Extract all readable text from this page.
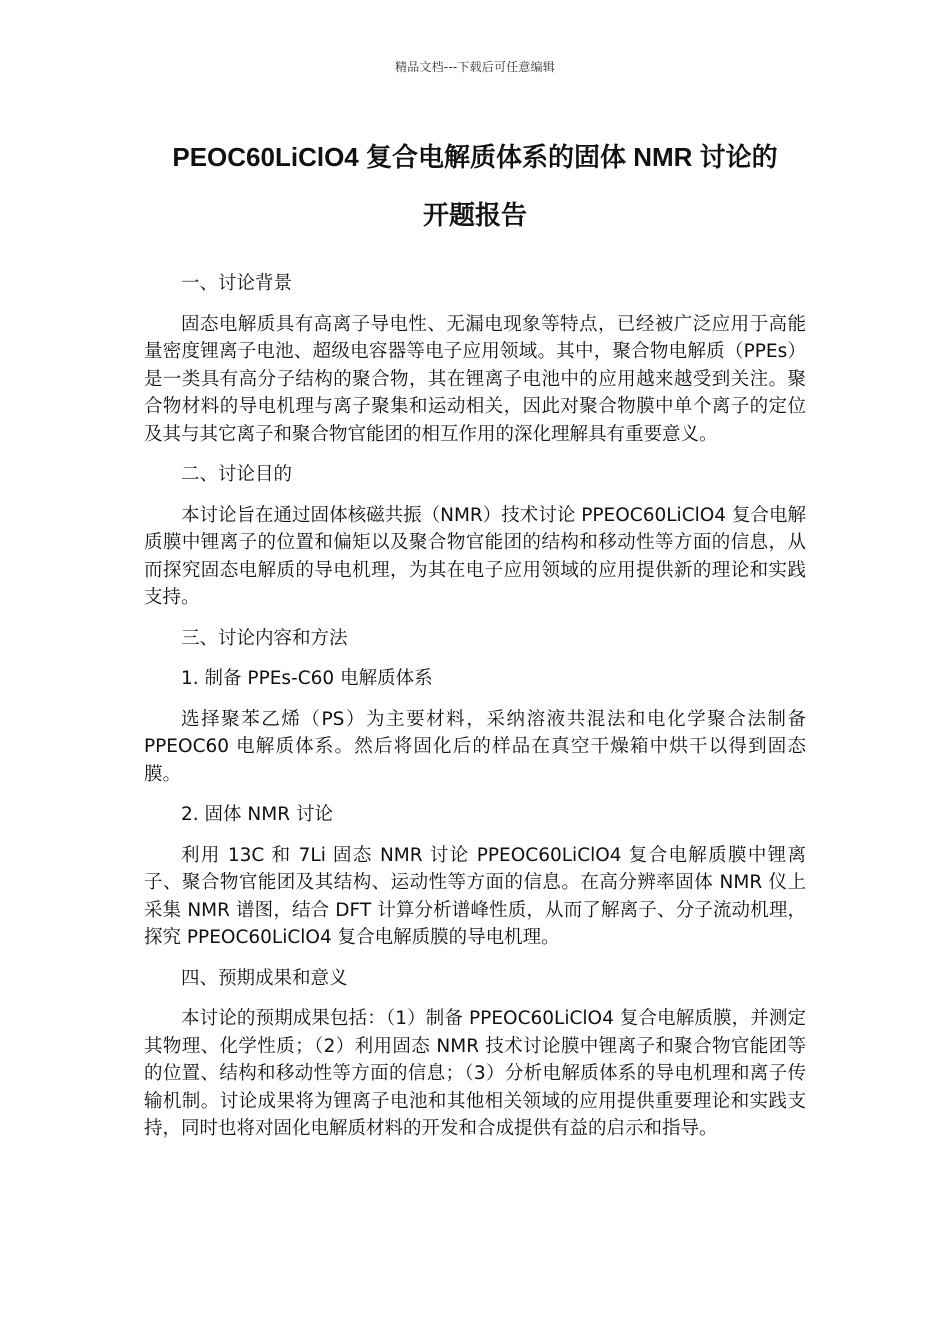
精品文档---下载后可任意编辑
PEOC60LiClO4 复合电解质体系的固体 NMR 讨论的
开题报告

一、讨论背景

固态电解质具有高离子导电性、无漏电现象等特点，已经被广泛应用于高能量密度锂离子电池、超级电容器等电子应用领域。其中，聚合物电解质（PPEs）是一类具有高分子结构的聚合物，其在锂离子电池中的应用越来越受到关注。聚合物材料的导电机理与离子聚集和运动相关，因此对聚合物膜中单个离子的定位及其与其它离子和聚合物官能团的相互作用的深化理解具有重要意义。

二、讨论目的

本讨论旨在通过固体核磁共振（NMR）技术讨论 PPEOC60LiClO4 复合电解质膜中锂离子的位置和偏矩以及聚合物官能团的结构和移动性等方面的信息，从而探究固态电解质的导电机理，为其在电子应用领域的应用提供新的理论和实践支持。

三、讨论内容和方法

1. 制备 PPEs-C60 电解质体系

选择聚苯乙烯（PS）为主要材料，采纳溶液共混法和电化学聚合法制备 PPEOC60 电解质体系。然后将固化后的样品在真空干燥箱中烘干以得到固态膜。

2. 固体 NMR 讨论

利用 13C 和 7Li 固态 NMR 讨论 PPEOC60LiClO4 复合电解质膜中锂离子、聚合物官能团及其结构、运动性等方面的信息。在高分辨率固体 NMR 仪上采集 NMR 谱图，结合 DFT 计算分析谱峰性质，从而了解离子、分子流动机理，探究 PPEOC60LiClO4 复合电解质膜的导电机理。

四、预期成果和意义

本讨论的预期成果包括：（1）制备 PPEOC60LiClO4 复合电解质膜，并测定其物理、化学性质；（2）利用固态 NMR 技术讨论膜中锂离子和聚合物官能团等的位置、结构和移动性等方面的信息；（3）分析电解质体系的导电机理和离子传输机制。讨论成果将为锂离子电池和其他相关领域的应用提供重要理论和实践支持，同时也将对固化电解质材料的开发和合成提供有益的启示和指导。
